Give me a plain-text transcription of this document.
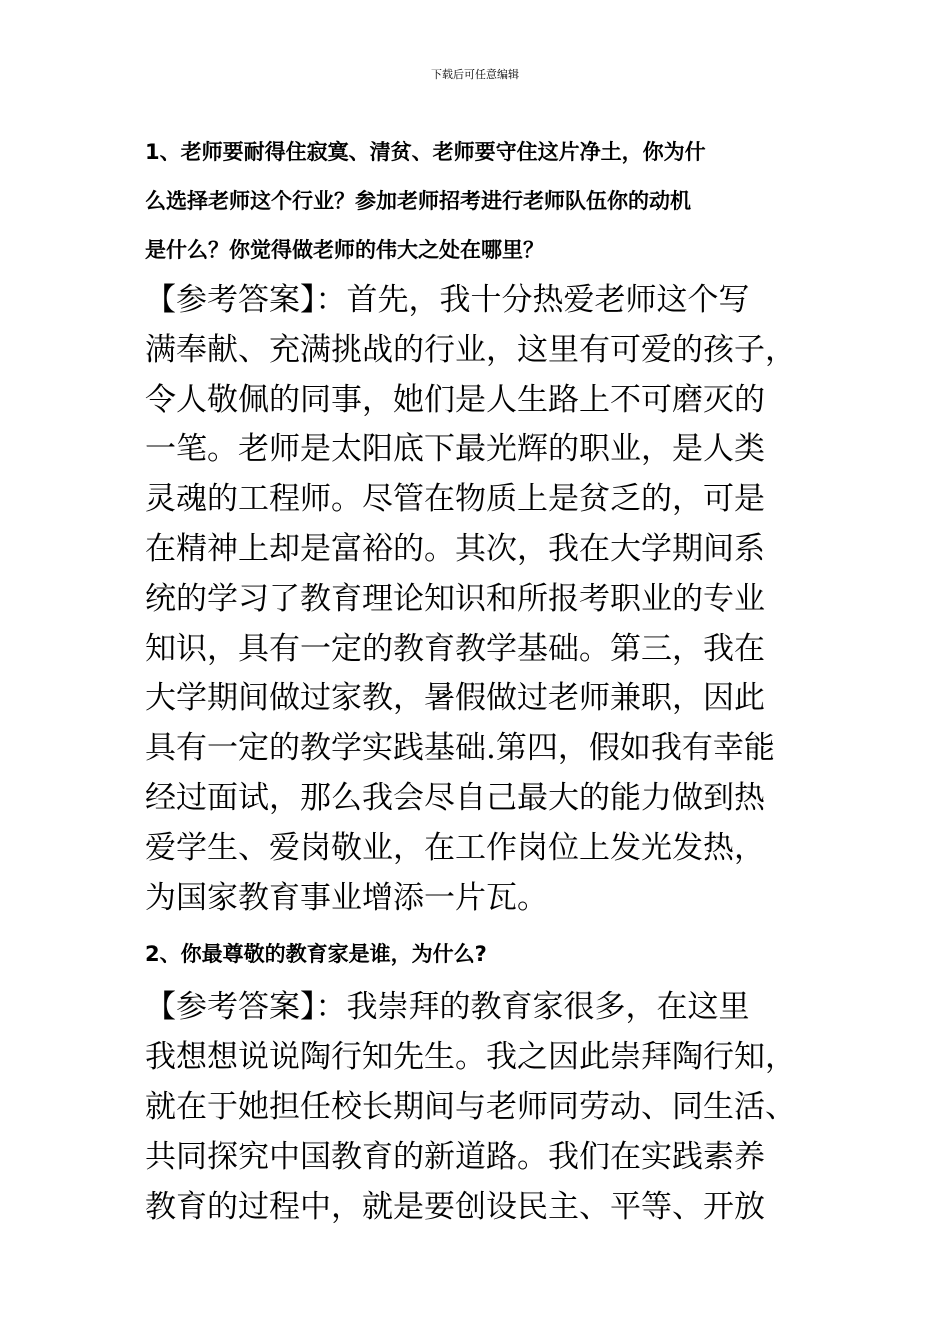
下载后可任意编辑
1、老师要耐得住寂寞、清贫、老师要守住这片净土，你为什
么选择老师这个行业？参加老师招考进行老师队伍你的动机
是什么？你觉得做老师的伟大之处在哪里？
【参考答案】：首先，我十分热爱老师这个写
满奉献、充满挑战的行业，这里有可爱的孩子，
令人敬佩的同事，她们是人生路上不可磨灭的
一笔。老师是太阳底下最光辉的职业，是人类
灵魂的工程师。尽管在物质上是贫乏的，可是
在精神上却是富裕的。其次，我在大学期间系
统的学习了教育理论知识和所报考职业的专业
知识，具有一定的教育教学基础。第三，我在
大学期间做过家教，暑假做过老师兼职，因此
具有一定的教学实践基础.第四，假如我有幸能
经过面试，那么我会尽自己最大的能力做到热
爱学生、爱岗敬业，在工作岗位上发光发热，
为国家教育事业增添一片瓦。
2、你最尊敬的教育家是谁，为什么?
【参考答案】：我崇拜的教育家很多，在这里
我想想说说陶行知先生。我之因此崇拜陶行知，
就在于她担任校长期间与老师同劳动、同生活、
共同探究中国教育的新道路。我们在实践素养
教育的过程中，就是要创设民主、平等、开放
